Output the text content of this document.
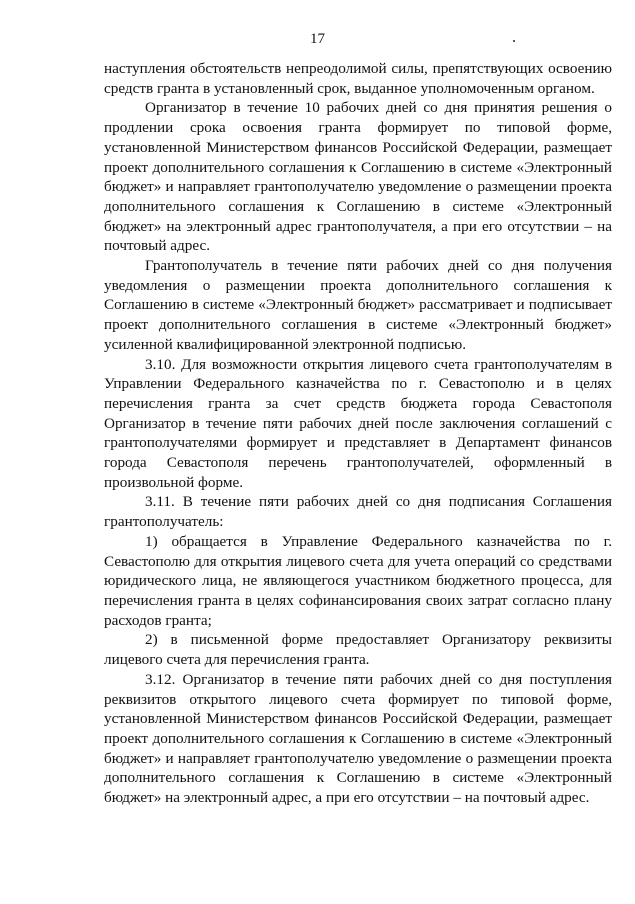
17

наступления обстоятельств непреодолимой силы, препятствующих освоению средств гранта в установленный срок, выданное уполномоченным органом.

Организатор в течение 10 рабочих дней со дня принятия решения о продлении срока освоения гранта формирует по типовой форме, установленной Министерством финансов Российской Федерации, размещает проект дополнительного соглашения к Соглашению в системе «Электронный бюджет» и направляет грантополучателю уведомление о размещении проекта дополнительного соглашения к Соглашению в системе «Электронный бюджет» на электронный адрес грантополучателя, а при его отсутствии – на почтовый адрес.

Грантополучатель в течение пяти рабочих дней со дня получения уведомления о размещении проекта дополнительного соглашения к Соглашению в системе «Электронный бюджет» рассматривает и подписывает проект дополнительного соглашения в системе «Электронный бюджет» усиленной квалифицированной электронной подписью.

3.10. Для возможности открытия лицевого счета грантополучателям в Управлении Федерального казначейства по г. Севастополю и в целях перечисления гранта за счет средств бюджета города Севастополя Организатор в течение пяти рабочих дней после заключения соглашений с грантополучателями формирует и представляет в Департамент финансов города Севастополя перечень грантополучателей, оформленный в произвольной форме.

3.11. В течение пяти рабочих дней со дня подписания Соглашения грантополучатель:

1) обращается в Управление Федерального казначейства по г. Севастополю для открытия лицевого счета для учета операций со средствами юридического лица, не являющегося участником бюджетного процесса, для перечисления гранта в целях софинансирования своих затрат согласно плану расходов гранта;

2) в письменной форме предоставляет Организатору реквизиты лицевого счета для перечисления гранта.

3.12. Организатор в течение пяти рабочих дней со дня поступления реквизитов открытого лицевого счета формирует по типовой форме, установленной Министерством финансов Российской Федерации, размещает проект дополнительного соглашения к Соглашению в системе «Электронный бюджет» и направляет грантополучателю уведомление о размещении проекта дополнительного соглашения к Соглашению в системе «Электронный бюджет» на электронный адрес, а при его отсутствии – на почтовый адрес.
